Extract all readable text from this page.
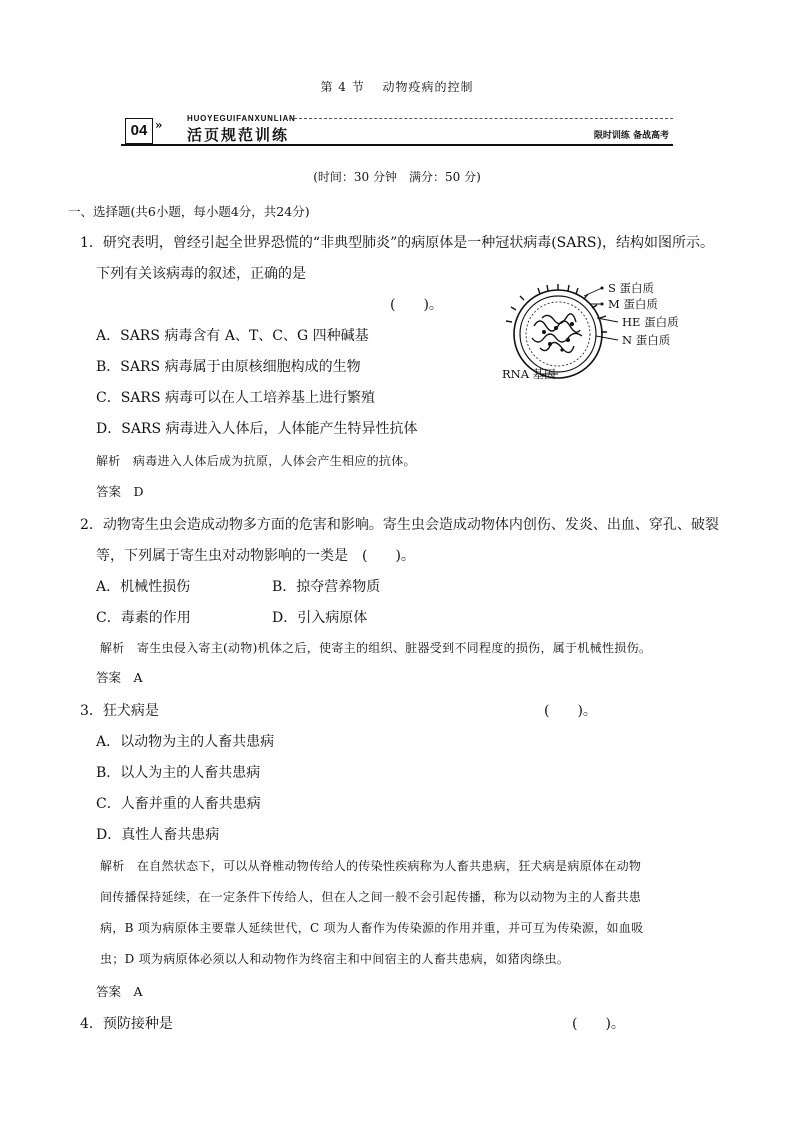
第 4 节　 动物疫病的控制
04 »	HUOYEGUIFANXUNLIAN
活页规范训练	限时训练 备战高考
(时间：30 分钟　满分：50 分)
一、选择题(共6小题，每小题4分，共24分)
1．研究表明，曾经引起全世界恐慌的“非典型肺炎”的病原体是一种冠状病毒(SARS)，结构如图所示。
下列有关该病毒的叙述，正确的是
(　　)。
A．SARS 病毒含有 A、T、C、G 四种碱基
B．SARS 病毒属于由原核细胞构成的生物
C．SARS 病毒可以在人工培养基上进行繁殖
D．SARS 病毒进入人体后，人体能产生特异性抗体
解析　病毒进入人体后成为抗原，人体会产生相应的抗体。
答案　D
S 蛋白质
M 蛋白质
HE 蛋白质
N 蛋白质
RNA 基因
2．动物寄生虫会造成动物多方面的危害和影响。寄生虫会造成动物体内创伤、发炎、出血、穿孔、破裂
等，下列属于寄生虫对动物影响的一类是　(　　)。
A．机械性损伤	B．掠夺营养物质
C．毒素的作用	D．引入病原体
解析　寄生虫侵入寄主(动物)机体之后，使寄主的组织、脏器受到不同程度的损伤，属于机械性损伤。
答案　A
3．狂犬病是	(　　)。
A．以动物为主的人畜共患病
B．以人为主的人畜共患病
C．人畜并重的人畜共患病
D．真性人畜共患病
解析　在自然状态下，可以从脊椎动物传给人的传染性疾病称为人畜共患病，狂犬病是病原体在动物
间传播保持延续，在一定条件下传给人，但在人之间一般不会引起传播，称为以动物为主的人畜共患
病，B 项为病原体主要靠人延续世代，C 项为人畜作为传染源的作用并重，并可互为传染源，如血吸
虫；D 项为病原体必须以人和动物作为终宿主和中间宿主的人畜共患病，如猪肉绦虫。
答案　A
4．预防接种是	(　　)。
